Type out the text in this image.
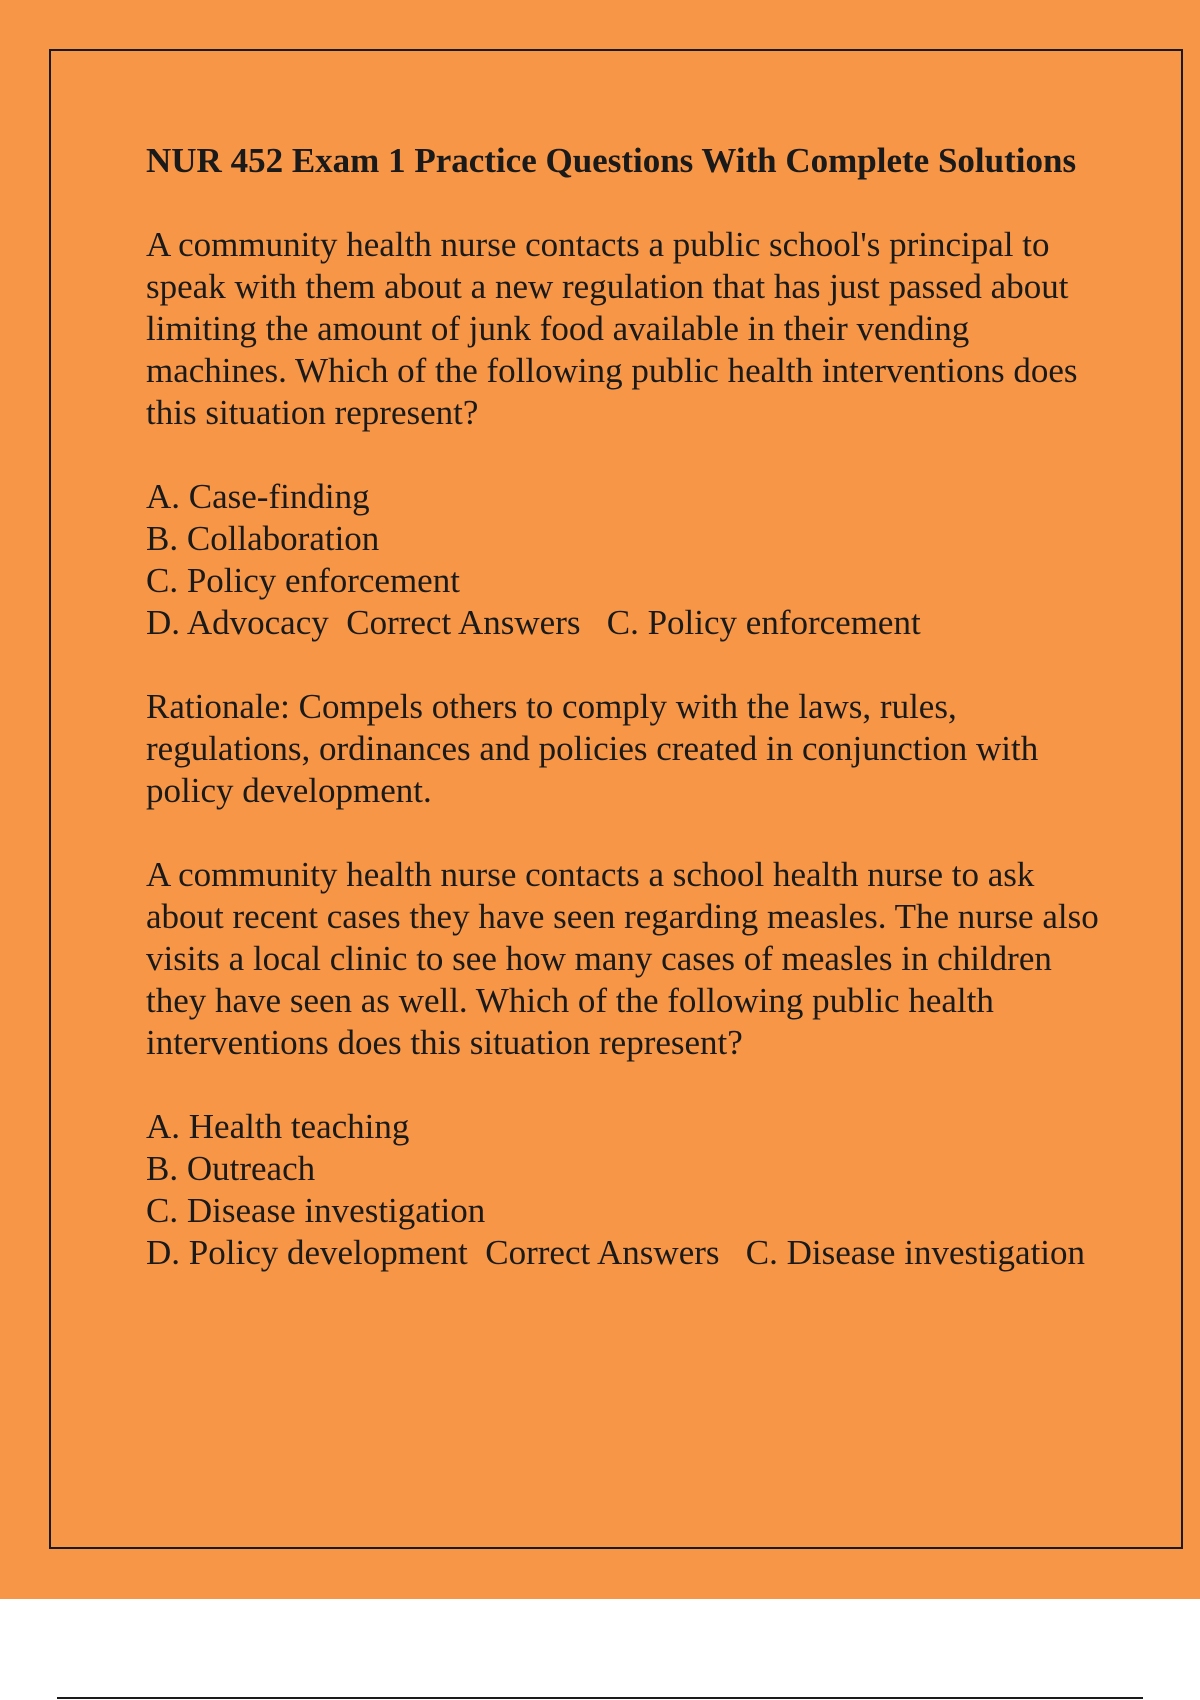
NUR 452 Exam 1 Practice Questions With Complete Solutions
A community health nurse contacts a public school's principal to speak with them about a new regulation that has just passed about limiting the amount of junk food available in their vending machines. Which of the following public health interventions does this situation represent?
A. Case-finding
B. Collaboration
C. Policy enforcement
D. Advocacy Correct Answers C. Policy enforcement
Rationale: Compels others to comply with the laws, rules, regulations, ordinances and policies created in conjunction with policy development.
A community health nurse contacts a school health nurse to ask about recent cases they have seen regarding measles. The nurse also visits a local clinic to see how many cases of measles in children they have seen as well. Which of the following public health interventions does this situation represent?
A. Health teaching
B. Outreach
C. Disease investigation
D. Policy development Correct Answers C. Disease investigation
